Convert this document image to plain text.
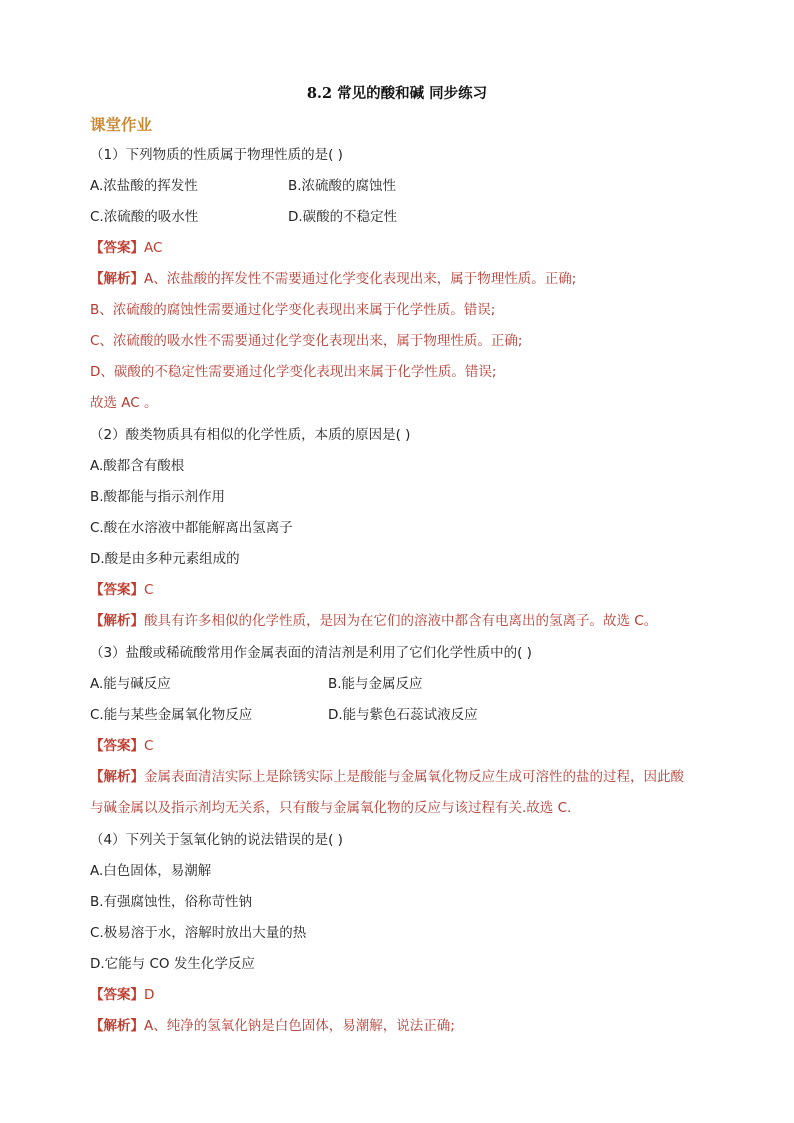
8.2 常见的酸和碱 同步练习
课堂作业
（1）下列物质的性质属于物理性质的是( )
A.浓盐酸的挥发性	B.浓硫酸的腐蚀性
C.浓硫酸的吸水性	D.碳酸的不稳定性
【答案】AC
【解析】A、浓盐酸的挥发性不需要通过化学变化表现出来，属于物理性质。正确;
B、浓硫酸的腐蚀性需要通过化学变化表现出来属于化学性质。错误;
C、浓硫酸的吸水性不需要通过化学变化表现出来，属于物理性质。正确;
D、碳酸的不稳定性需要通过化学变化表现出来属于化学性质。错误;
故选 AC 。
（2）酸类物质具有相似的化学性质，本质的原因是( )
A.酸都含有酸根
B.酸都能与指示剂作用
C.酸在水溶液中都能解离出氢离子
D.酸是由多种元素组成的
【答案】C
【解析】酸具有许多相似的化学性质，是因为在它们的溶液中都含有电离出的氢离子。故选 C。
（3）盐酸或稀硫酸常用作金属表面的清洁剂是利用了它们化学性质中的( )
A.能与碱反应	B.能与金属反应
C.能与某些金属氧化物反应	D.能与紫色石蕊试液反应
【答案】C
【解析】金属表面清洁实际上是除锈实际上是酸能与金属氧化物反应生成可溶性的盐的过程，因此酸
与碱金属以及指示剂均无关系，只有酸与金属氧化物的反应与该过程有关.故选 C.
（4）下列关于氢氧化钠的说法错误的是( )
A.白色固体，易潮解
B.有强腐蚀性，俗称苛性钠
C.极易溶于水，溶解时放出大量的热
D.它能与 CO 发生化学反应
【答案】D
【解析】A、纯净的氢氧化钠是白色固体，易潮解，说法正确;
